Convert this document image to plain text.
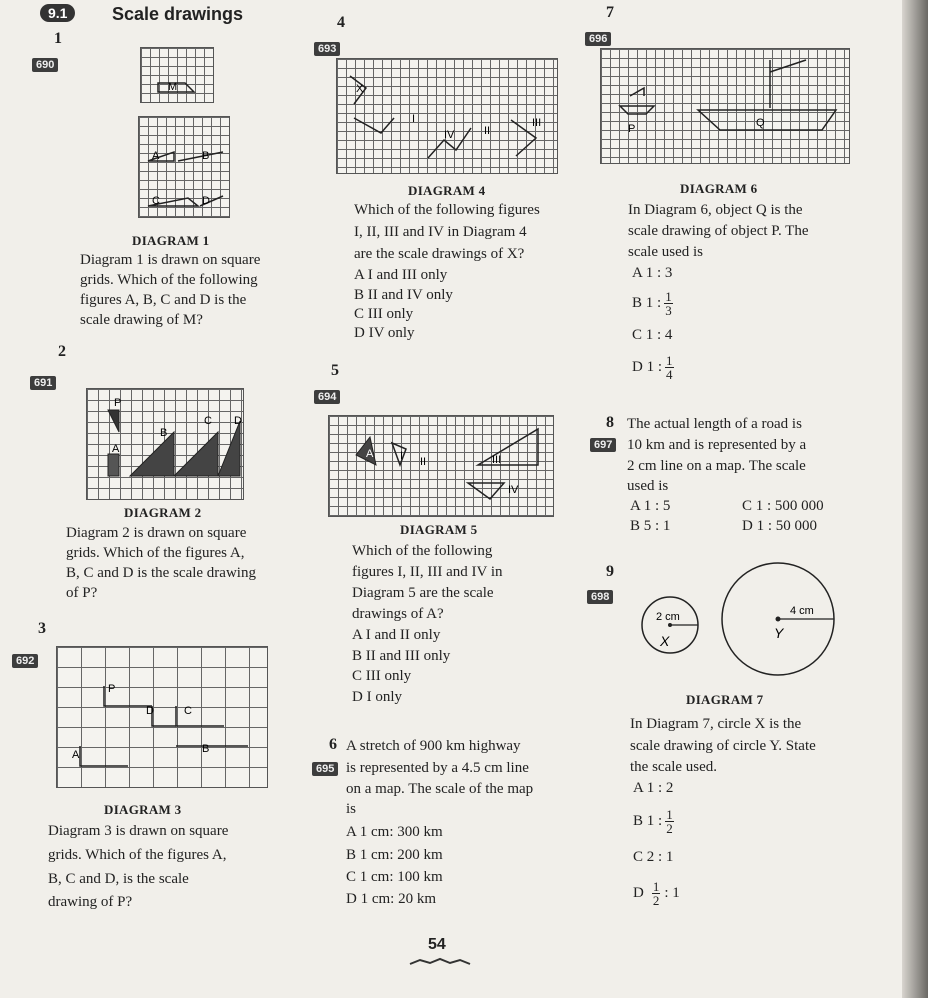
9.1	Scale drawings
1
690
M
A	B
C	D
DIAGRAM 1
Diagram 1 is drawn on square
grids. Which of the following
figures A, B, C and D is the
scale drawing of M?
2
691
P
A
B
C D
DIAGRAM 2
Diagram 2 is drawn on square
grids. Which of the figures A,
B, C and D is the scale drawing
of P?
3
692
P
D	C
A	B
DIAGRAM 3
Diagram 3 is drawn on square
grids. Which of the figures A,
B, C and D, is the scale
drawing of P?
4
693
X
I
II
III
IV
DIAGRAM 4
Which of the following figures
I, II, III and IV in Diagram 4
are the scale drawings of X?
A I and III only
B II and IV only
C III only
D IV only
5
694
A I II	III
IV
DIAGRAM 5
Which of the following
figures I, II, III and IV in
Diagram 5 are the scale
drawings of A?
A I and II only
B II and III only
C III only
D I only
6
695
A stretch of 900 km highway
is represented by a 4.5 cm line
on a map. The scale of the map
is
A 1 cm: 300 km
B 1 cm: 200 km
C 1 cm: 100 km
D 1 cm: 20 km
7
696
P	Q
DIAGRAM 6
In Diagram 6, object Q is the
scale drawing of object P. The
scale used is
A 1 : 3
B 1 : $\frac{1}{3}$
C 1 : 4
D 1 : $\frac{1}{4}$
8
697
The actual length of a road is
10 km and is represented by a
2 cm line on a map. The scale
used is
A 1 : 5	C 1 : 500 000
B 5 : 1	D 1 : 50 000
9
698
2 cm
X
4 cm
Y
DIAGRAM 7
In Diagram 7, circle X is the
scale drawing of circle Y. State
the scale used.
A 1 : 2
B 1 : $\frac{1}{2}$
C 2 : 1
D $\frac{1}{2}$ : 1
54
